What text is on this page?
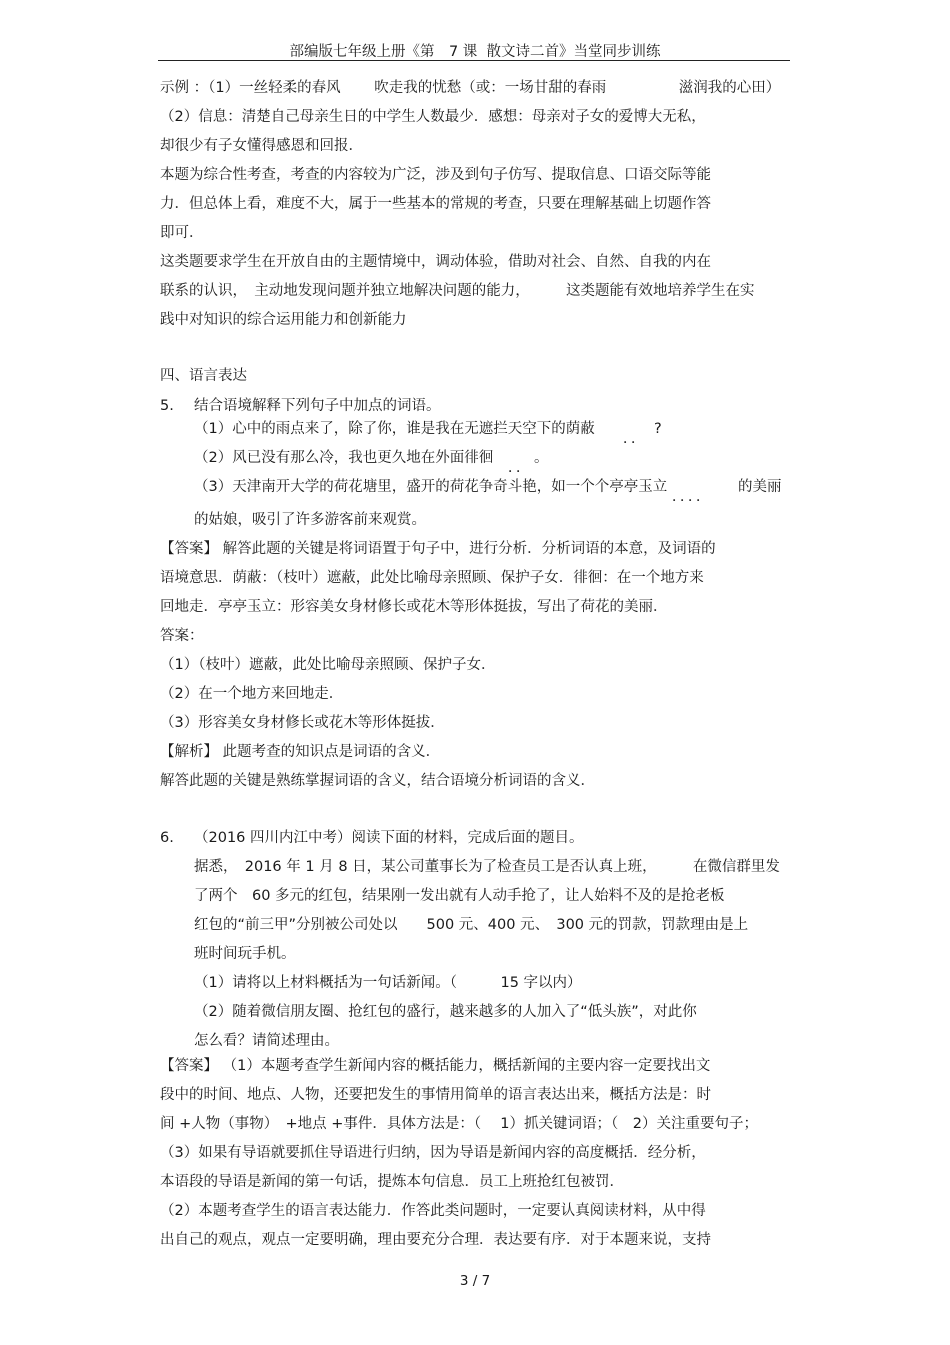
部编版七年级上册《第　7 课  散文诗二首》当堂同步训练
示例 ：（1）一丝轻柔的春风 　　吹走我的忧愁（或：一场甘甜的春雨　　　　　滋润我的心田）
（2）信息：清楚自己母亲生日的中学生人数最少．感想：母亲对子女的爱博大无私，
却很少有子女懂得感恩和回报．
本题为综合性考查，考查的内容较为广泛，涉及到句子仿写、提取信息、口语交际等能
力．但总体上看，难度不大，属于一些基本的常规的考查，只要在理解基础上切题作答
即可．
这类题要求学生在开放自由的主题情境中，调动体验，借助对社会、自然、自我的内在
联系的认识，　主动地发现问题并独立地解决问题的能力，　　　这类题能有效地培养学生在实
践中对知识的综合运用能力和创新能力
四、语言表达
5. 结合语境解释下列句子中加点的词语。
（1）心中的雨点来了，除了你，谁是我在无遮拦天空下的荫蔽
．．
?
（2）风已没有那么冷，我也更久地在外面徘徊
．．
。
（3）天津南开大学的荷花塘里，盛开的荷花争奇斗艳，如一个个亭亭玉立
．．．．
的美丽
的姑娘，吸引了许多游客前来观赏。
【答案】 解答此题的关键是将词语置于句子中，进行分析．分析词语的本意，及词语的
语境意思．荫蔽：（枝叶）遮蔽，此处比喻母亲照顾、保护子女．徘徊：在一个地方来
回地走．亭亭玉立：形容美女身材修长或花木等形体挺拔，写出了荷花的美丽．
答案：
（1）（枝叶）遮蔽，此处比喻母亲照顾、保护子女．
（2）在一个地方来回地走．
（3）形容美女身材修长或花木等形体挺拔．
【解析】 此题考查的知识点是词语的含义．
解答此题的关键是熟练掌握词语的含义，结合语境分析词语的含义．
6. （2016 四川内江中考）阅读下面的材料，完成后面的题目。
据悉，　2016 年 1 月 8 日，某公司董事长为了检查员工是否认真上班，　　　在微信群里发
了两个　60 多元的红包，结果刚一发出就有人动手抢了，让人始料不及的是抢老板
红包的“前三甲”分别被公司处以　　500 元、400 元、　300 元的罚款，罚款理由是上
班时间玩手机。
（1）请将以上材料概括为一句话新闻。（　　　15 字以内）
（2）随着微信朋友圈、抢红包的盛行，越来越多的人加入了“低头族”，对此你
怎么看？请简述理由。
【答案】 （1）本题考查学生新闻内容的概括能力，概括新闻的主要内容一定要找出文
段中的时间、地点、人物，还要把发生的事情用简单的语言表达出来，概括方法是：时
间 +人物（事物）　+地点 +事件．具体方法是：（　 1）抓关键词语；（　2）关注重要句子；
（3）如果有导语就要抓住导语进行归纳，因为导语是新闻内容的高度概括．经分析，
本语段的导语是新闻的第一句话，提炼本句信息．员工上班抢红包被罚．
（2）本题考查学生的语言表达能力．作答此类问题时，一定要认真阅读材料，从中得
出自己的观点，观点一定要明确，理由要充分合理．表达要有序．对于本题来说，支持
3 / 7
